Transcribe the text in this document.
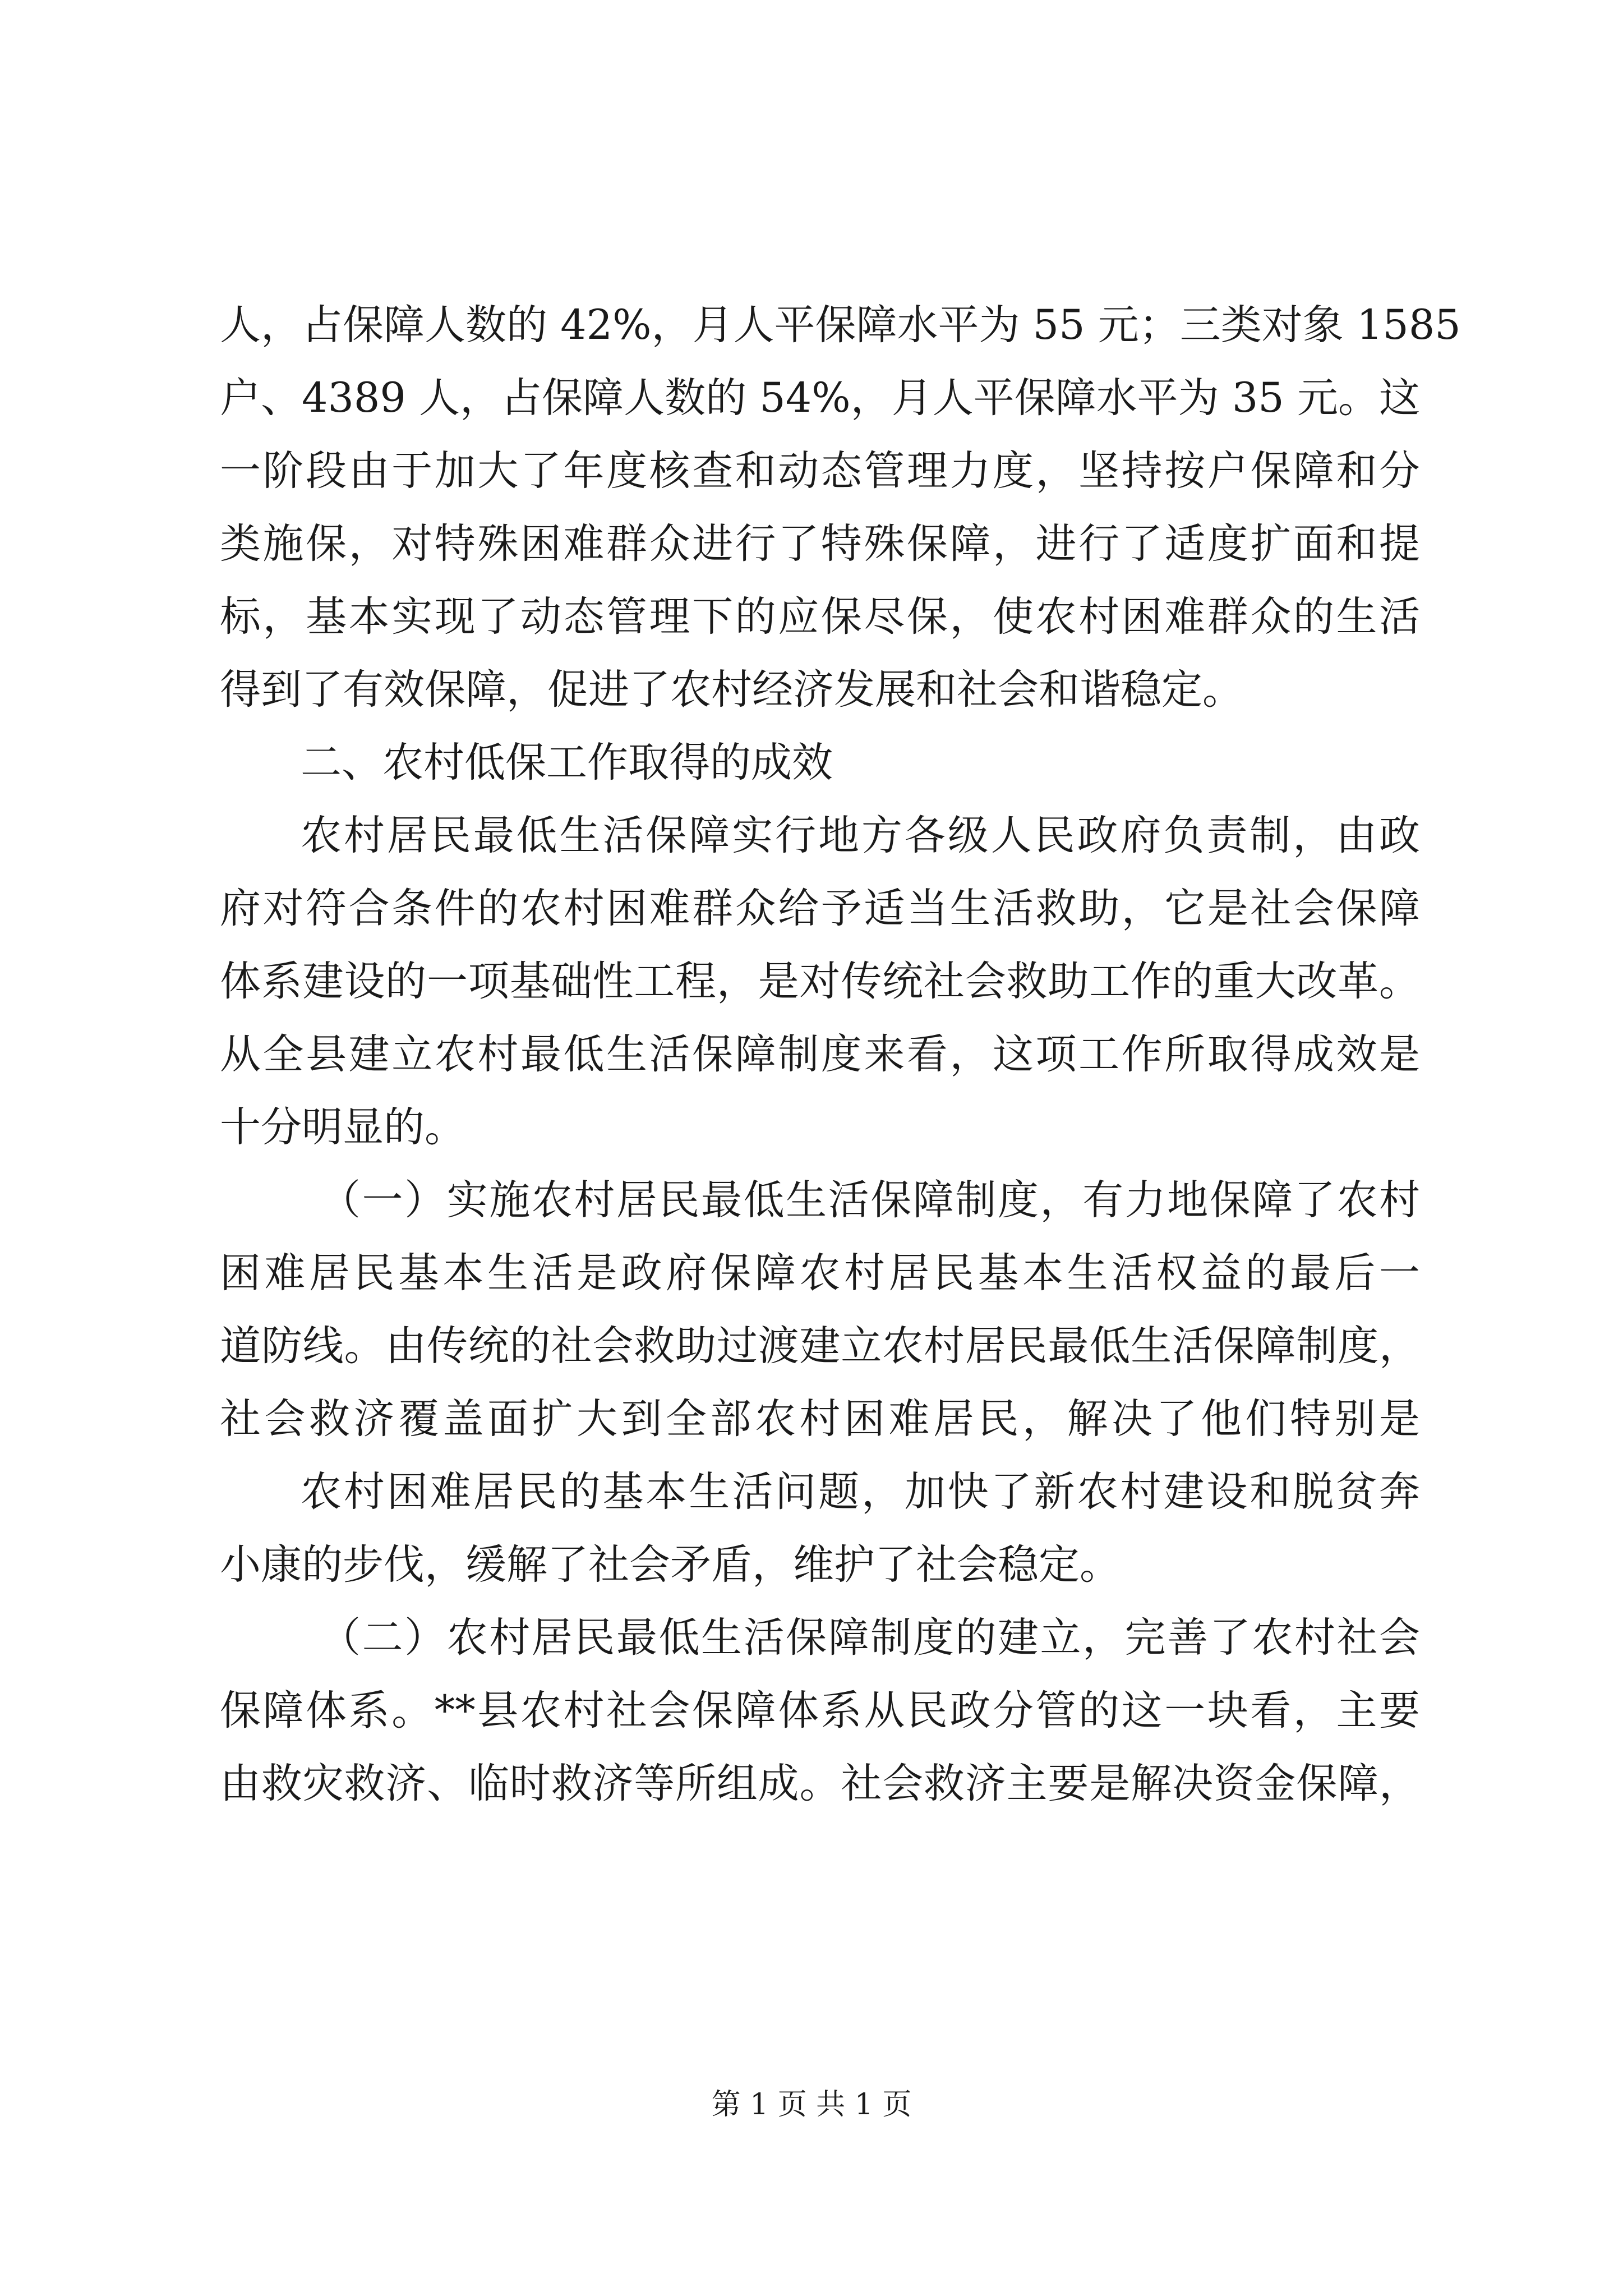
人，占保障人数的 42%，月人平保障水平为 55 元；三类对象 1585
户、4389 人，占保障人数的 54%，月人平保障水平为 35 元。这
一阶段由于加大了年度核查和动态管理力度，坚持按户保障和分
类施保，对特殊困难群众进行了特殊保障，进行了适度扩面和提
标，基本实现了动态管理下的应保尽保，使农村困难群众的生活
得到了有效保障，促进了农村经济发展和社会和谐稳定。
二、农村低保工作取得的成效
农村居民最低生活保障实行地方各级人民政府负责制，由政
府对符合条件的农村困难群众给予适当生活救助，它是社会保障
体系建设的一项基础性工程，是对传统社会救助工作的重大改革。
从全县建立农村最低生活保障制度来看，这项工作所取得成效是
十分明显的。
（一）实施农村居民最低生活保障制度，有力地保障了农村
困难居民基本生活是政府保障农村居民基本生活权益的最后一
道防线。由传统的社会救助过渡建立农村居民最低生活保障制度，
社会救济覆盖面扩大到全部农村困难居民，解决了他们特别是
农村困难居民的基本生活问题，加快了新农村建设和脱贫奔
小康的步伐，缓解了社会矛盾，维护了社会稳定。
（二）农村居民最低生活保障制度的建立，完善了农村社会
保障体系。**县农村社会保障体系从民政分管的这一块看，主要
由救灾救济、临时救济等所组成。社会救济主要是解决资金保障，
第 1 页 共 1 页
